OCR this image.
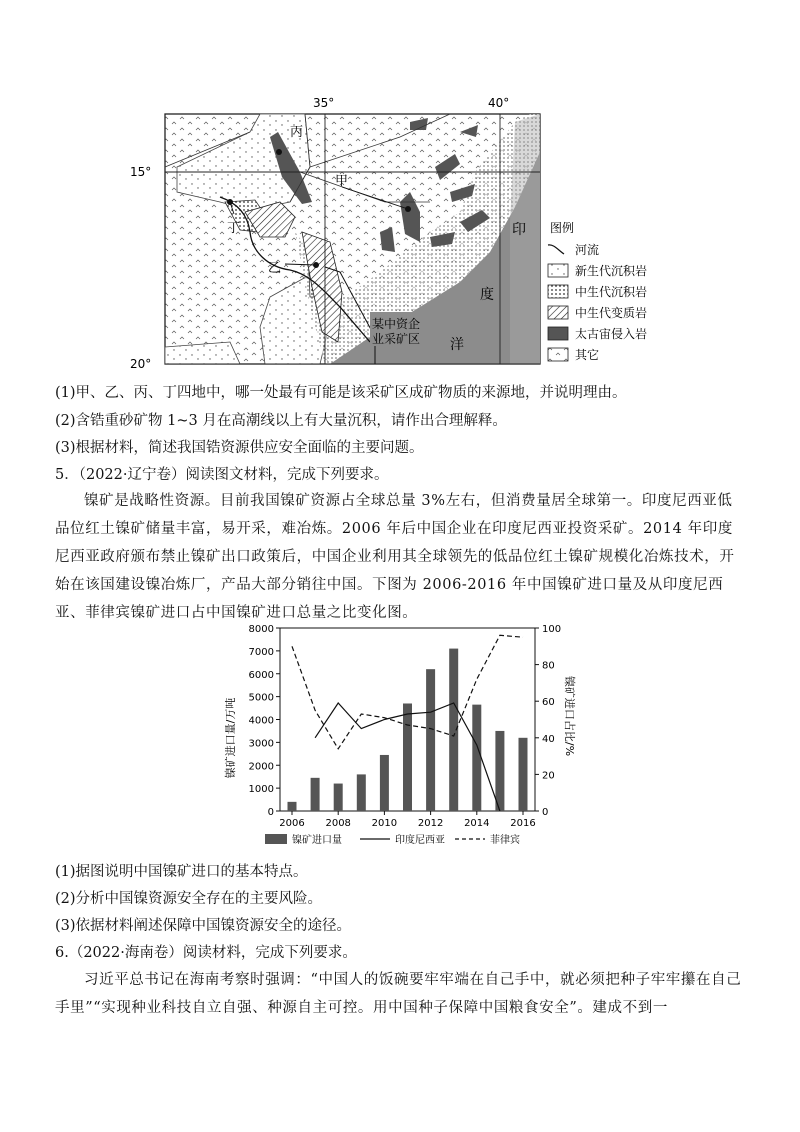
35°	40°
15°
20°
丙
甲
丁
乙
印
度
洋
某中资企
业采矿区
图例
河流
新生代沉积岩
中生代沉积岩
中生代变质岩
太古宙侵入岩
其它
(1)甲、乙、丙、丁四地中，哪一处最有可能是该采矿区成矿物质的来源地，并说明理由。
(2)含锆重砂矿物 1~3 月在高潮线以上有大量沉积，请作出合理解释。
(3)根据材料，简述我国锆资源供应安全面临的主要问题。
5．（2022·辽宁卷）阅读图文材料，完成下列要求。
镍矿是战略性资源。目前我国镍矿资源占全球总量 3%左右，但消费量居全球第一。印度尼西亚低品位红土镍矿储量丰富，易开采，难冶炼。2006 年后中国企业在印度尼西亚投资采矿。2014 年印度尼西亚政府颁布禁止镍矿出口政策后，中国企业利用其全球领先的低品位红土镍矿规模化冶炼技术，开始在该国建设镍冶炼厂，产品大部分销往中国。下图为 2006-2016 年中国镍矿进口量及从印度尼西亚、菲律宾镍矿进口占中国镍矿进口总量之比变化图。
0
1000
2000
3000
4000
5000
6000
7000
8000
0
20
40
60
80
100
2006 2008 2010 2012 2014 2016
镍矿进口量/万吨	镍矿进口占比/%
镍矿进口量	印度尼西亚	菲律宾
(1)据图说明中国镍矿进口的基本特点。
(2)分析中国镍资源安全存在的主要风险。
(3)依据材料阐述保障中国镍资源安全的途径。
6.（2022·海南卷）阅读材料，完成下列要求。
习近平总书记在海南考察时强调：“中国人的饭碗要牢牢端在自己手中，就必须把种子牢牢攥在自己手里”“实现种业科技自立自强、种源自主可控。用中国种子保障中国粮食安全”。建成不到一
